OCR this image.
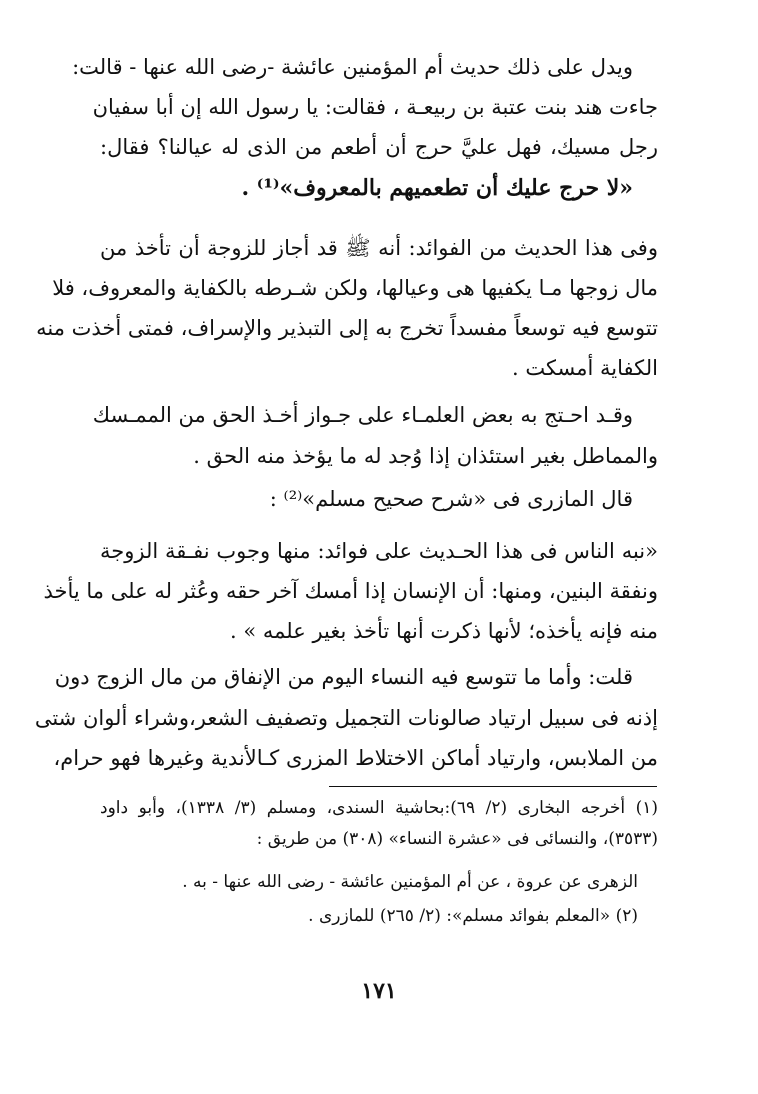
ويدل على ذلك حديث أم المؤمنين عائشة -رضى الله عنها - قالت:
جاءت هند بنت عتبة بن ربيعـة ، فقالت: يا رسول الله إن أبا سفيان
رجل مسيك، فهل عليَّ حرج أن أطعم من الذى له عيالنا؟ فقال:
«لا حرج عليك أن تطعميهم بالمعروف»⁽¹⁾ .
وفى هذا الحديث من الفوائد: أنه ﷺ قد أجاز للزوجة أن تأخذ من
مال زوجها مـا يكفيها هى وعيالها، ولكن شـرطه بالكفاية والمعروف، فلا
تتوسع فيه توسعاً مفسداً تخرج به إلى التبذير والإسراف، فمتى أخذت منه
الكفاية أمسكت .
وقـد احـتج به بعض العلمـاء على جـواز أخـذ الحق من الممـسك
والمماطل بغير استئذان إذا وُجد له ما يؤخذ منه الحق .
قال المازرى فى «شرح صحيح مسلم»⁽²⁾ :
«نبه الناس فى هذا الحـديث على فوائد: منها وجوب نفـقة الزوجة
ونفقة البنين، ومنها: أن الإنسان إذا أمسك آخر حقه وعُثر له على ما يأخذ
منه فإنه يأخذه؛ لأنها ذكرت أنها تأخذ بغير علمه » .
قلت: وأما ما تتوسع فيه النساء اليوم من الإنفاق من مال الزوج دون
إذنه فى سبيل ارتياد صالونات التجميل وتصفيف الشعر،وشراء ألوان شتى
من الملابس، وارتياد أماكن الاختلاط المزرى كـالأندية وغيرها فهو حرام،
(١) أخرجه البخارى (٢/ ٦٩):بحاشية السندى، ومسلم (٣/ ١٣٣٨)، وأبو داود
(٣٥٣٣)، والنسائى فى «عشرة النساء» (٣٠٨) من طريق :
الزهرى عن عروة ، عن أم المؤمنين عائشة - رضى الله عنها - به .
(٢) «المعلم بفوائد مسلم»: (٢/ ٢٦٥) للمازرى .
١٧١
